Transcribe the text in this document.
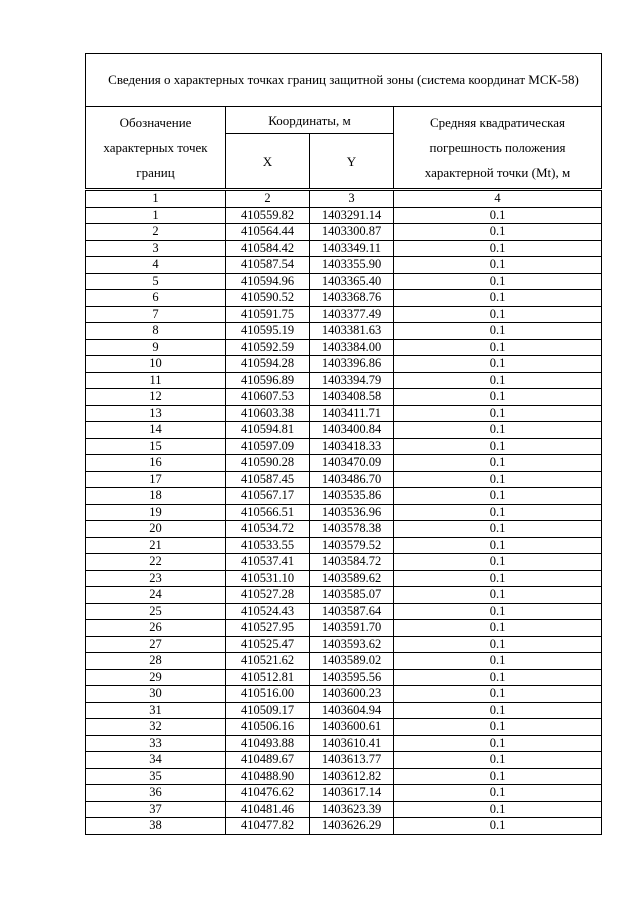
Сведения о характерных точках границ защитной зоны (система координат МСК-58)			
Обозначение характерных точек границ	Координаты, м		Средняя квадратическая погрешность положения характерной точки (Mt), м
	X	Y	
1	2	3	4
1	410559.82	1403291.14	0.1
2	410564.44	1403300.87	0.1
3	410584.42	1403349.11	0.1
4	410587.54	1403355.90	0.1
5	410594.96	1403365.40	0.1
6	410590.52	1403368.76	0.1
7	410591.75	1403377.49	0.1
8	410595.19	1403381.63	0.1
9	410592.59	1403384.00	0.1
10	410594.28	1403396.86	0.1
11	410596.89	1403394.79	0.1
12	410607.53	1403408.58	0.1
13	410603.38	1403411.71	0.1
14	410594.81	1403400.84	0.1
15	410597.09	1403418.33	0.1
16	410590.28	1403470.09	0.1
17	410587.45	1403486.70	0.1
18	410567.17	1403535.86	0.1
19	410566.51	1403536.96	0.1
20	410534.72	1403578.38	0.1
21	410533.55	1403579.52	0.1
22	410537.41	1403584.72	0.1
23	410531.10	1403589.62	0.1
24	410527.28	1403585.07	0.1
25	410524.43	1403587.64	0.1
26	410527.95	1403591.70	0.1
27	410525.47	1403593.62	0.1
28	410521.62	1403589.02	0.1
29	410512.81	1403595.56	0.1
30	410516.00	1403600.23	0.1
31	410509.17	1403604.94	0.1
32	410506.16	1403600.61	0.1
33	410493.88	1403610.41	0.1
34	410489.67	1403613.77	0.1
35	410488.90	1403612.82	0.1
36	410476.62	1403617.14	0.1
37	410481.46	1403623.39	0.1
38	410477.82	1403626.29	0.1
